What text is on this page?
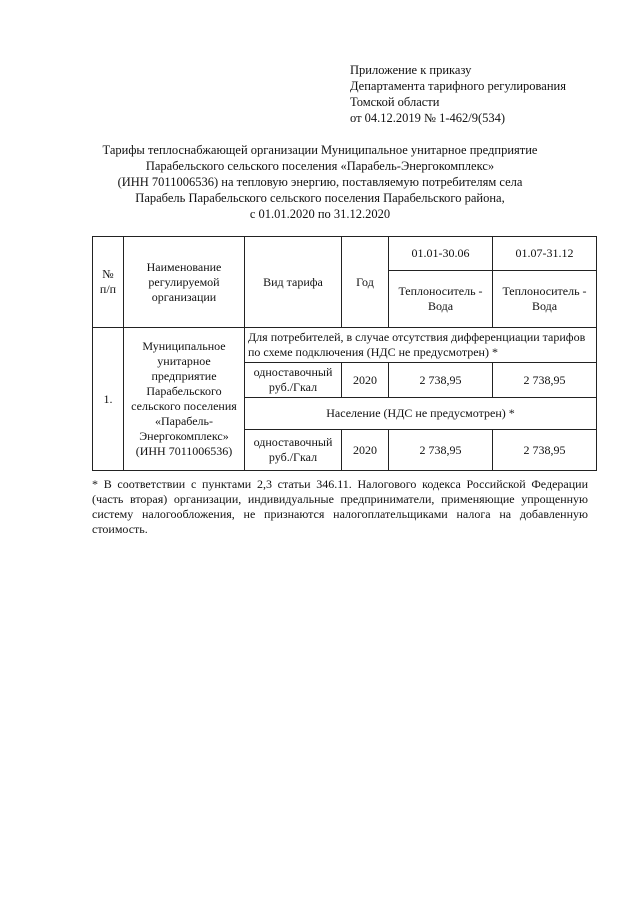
Приложение к приказу
Департамента тарифного регулирования
Томской области
от 04.12.2019 № 1-462/9(534)
Тарифы теплоснабжающей организации Муниципальное унитарное предприятие
Парабельского сельского поселения «Парабель-Энергокомплекс»
(ИНН 7011006536) на тепловую энергию, поставляемую потребителям села
Парабель Парабельского сельского поселения Парабельского района,
с 01.01.2020 по 31.12.2020
№ п/п	Наименование регулируемой организации	Вид тарифа	Год	01.01-30.06	01.07-31.12
				Теплоноситель - Вода	Теплоноситель - Вода
1.	Муниципальное унитарное предприятие Парабельского сельского поселения «Парабель-Энергокомплекс» (ИНН 7011006536)	Для потребителей, в случае отсутствия дифференциации тарифов по схеме подключения (НДС не предусмотрен) *			
		одноставочный руб./Гкал	2020	2 738,95	2 738,95
		Население (НДС не предусмотрен) *			
		одноставочный руб./Гкал	2020	2 738,95	2 738,95
* В соответствии с пунктами 2,3 статьи 346.11. Налогового кодекса Российской Федерации (часть вторая) организации, индивидуальные предприниматели, применяющие упрощенную систему налогообложения, не признаются налогоплательщиками налога на добавленную стоимость.
